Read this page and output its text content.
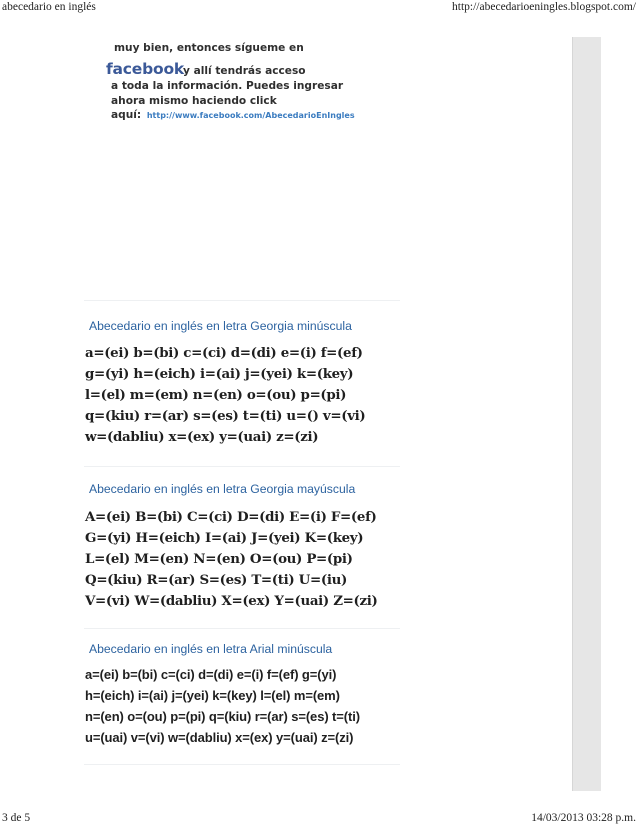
abecedario en inglés	http://abecedarioeningles.blogspot.com/
muy bien, entonces sígueme en
facebook
y allí tendrás acceso
a toda la información. Puedes ingresar
ahora mismo haciendo click
aquí: http://www.facebook.com/AbecedarioEnIngles
Abecedario en inglés en letra Georgia minúscula
a=(ei) b=(bi) c=(ci) d=(di) e=(i) f=(ef)
g=(yi) h=(eich) i=(ai) j=(yei) k=(key)
l=(el) m=(em) n=(en) o=(ou) p=(pi)
q=(kiu) r=(ar) s=(es) t=(ti) u=() v=(vi)
w=(dabliu) x=(ex) y=(uai) z=(zi)
Abecedario en inglés en letra Georgia mayúscula
A=(ei) B=(bi) C=(ci) D=(di) E=(i) F=(ef)
G=(yi) H=(eich) I=(ai) J=(yei) K=(key)
L=(el) M=(en) N=(en) O=(ou) P=(pi)
Q=(kiu) R=(ar) S=(es) T=(ti) U=(iu)
V=(vi) W=(dabliu) X=(ex) Y=(uai) Z=(zi)
Abecedario en inglés en letra Arial minúscula
a=(ei) b=(bi) c=(ci) d=(di) e=(i) f=(ef) g=(yi)
h=(eich) i=(ai) j=(yei) k=(key) l=(el) m=(em)
n=(en) o=(ou) p=(pi) q=(kiu) r=(ar) s=(es) t=(ti)
u=(uai) v=(vi) w=(dabliu) x=(ex) y=(uai) z=(zi)
3 de 5	14/03/2013 03:28 p.m.
